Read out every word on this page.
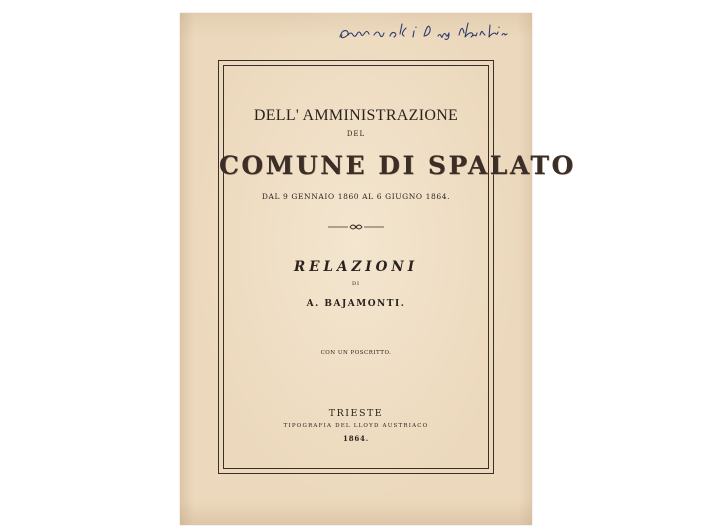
DELL' AMMINISTRAZIONE
DEL
COMUNE DI SPALATO
DAL 9 GENNAIO 1860 AL 6 GIUGNO 1864.
RELAZIONI
DI
A. BAJAMONTI.
CON UN POSCRITTO.
TRIESTE
TIPOGRAFIA DEL LLOYD AUSTRIACO
1864.
